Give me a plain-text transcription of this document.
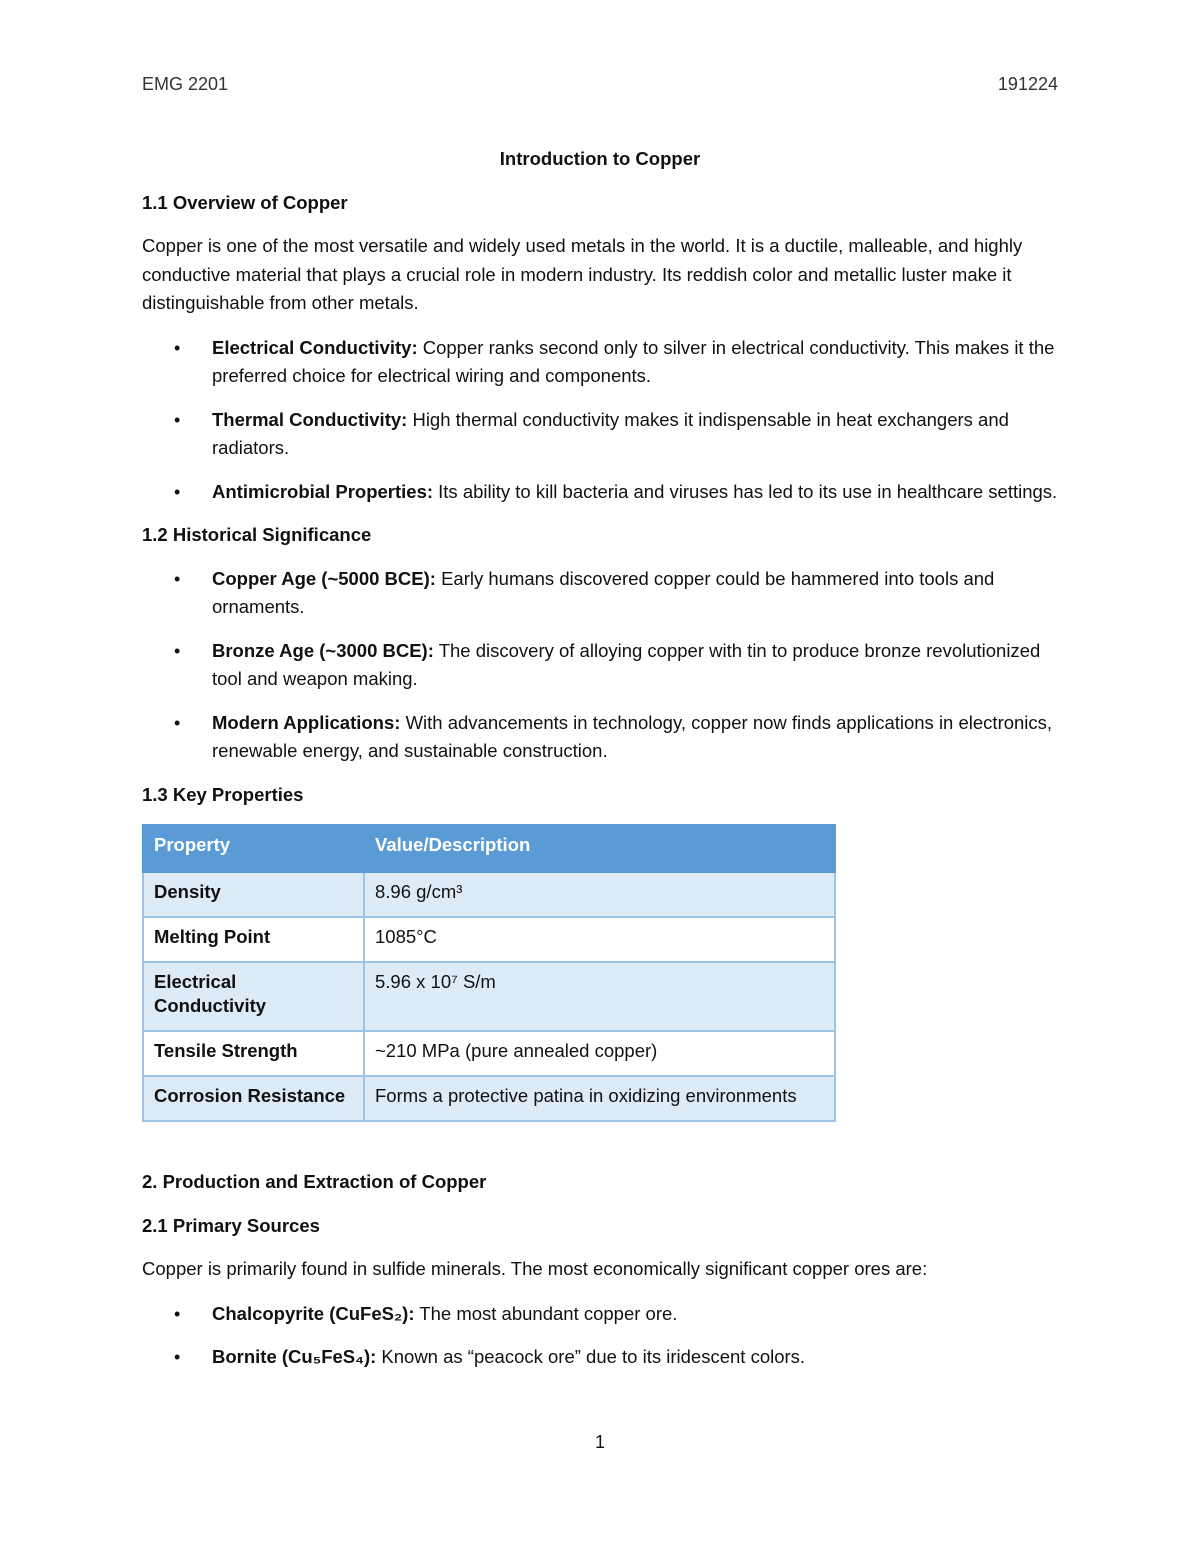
EMG 2201	191224
Introduction to Copper
1.1 Overview of Copper

Copper is one of the most versatile and widely used metals in the world. It is a ductile, malleable, and highly conductive material that plays a crucial role in modern industry. Its reddish color and metallic luster make it distinguishable from other metals.

• Electrical Conductivity: Copper ranks second only to silver in electrical conductivity. This makes it the preferred choice for electrical wiring and components.
• Thermal Conductivity: High thermal conductivity makes it indispensable in heat exchangers and radiators.
• Antimicrobial Properties: Its ability to kill bacteria and viruses has led to its use in healthcare settings.
1.2 Historical Significance
• Copper Age (~5000 BCE): Early humans discovered copper could be hammered into tools and ornaments.
• Bronze Age (~3000 BCE): The discovery of alloying copper with tin to produce bronze revolutionized tool and weapon making.
• Modern Applications: With advancements in technology, copper now finds applications in electronics, renewable energy, and sustainable construction.
1.3 Key Properties
Property	Value/Description
Density	8.96 g/cm³
Melting Point	1085°C
Electrical Conductivity	5.96 x 10⁷ S/m
Tensile Strength	~210 MPa (pure annealed copper)
Corrosion Resistance	Forms a protective patina in oxidizing environments
2. Production and Extraction of Copper
2.1 Primary Sources

Copper is primarily found in sulfide minerals. The most economically significant copper ores are:

• Chalcopyrite (CuFeS₂): The most abundant copper ore.
• Bornite (Cu₅FeS₄): Known as “peacock ore” due to its iridescent colors.
1
